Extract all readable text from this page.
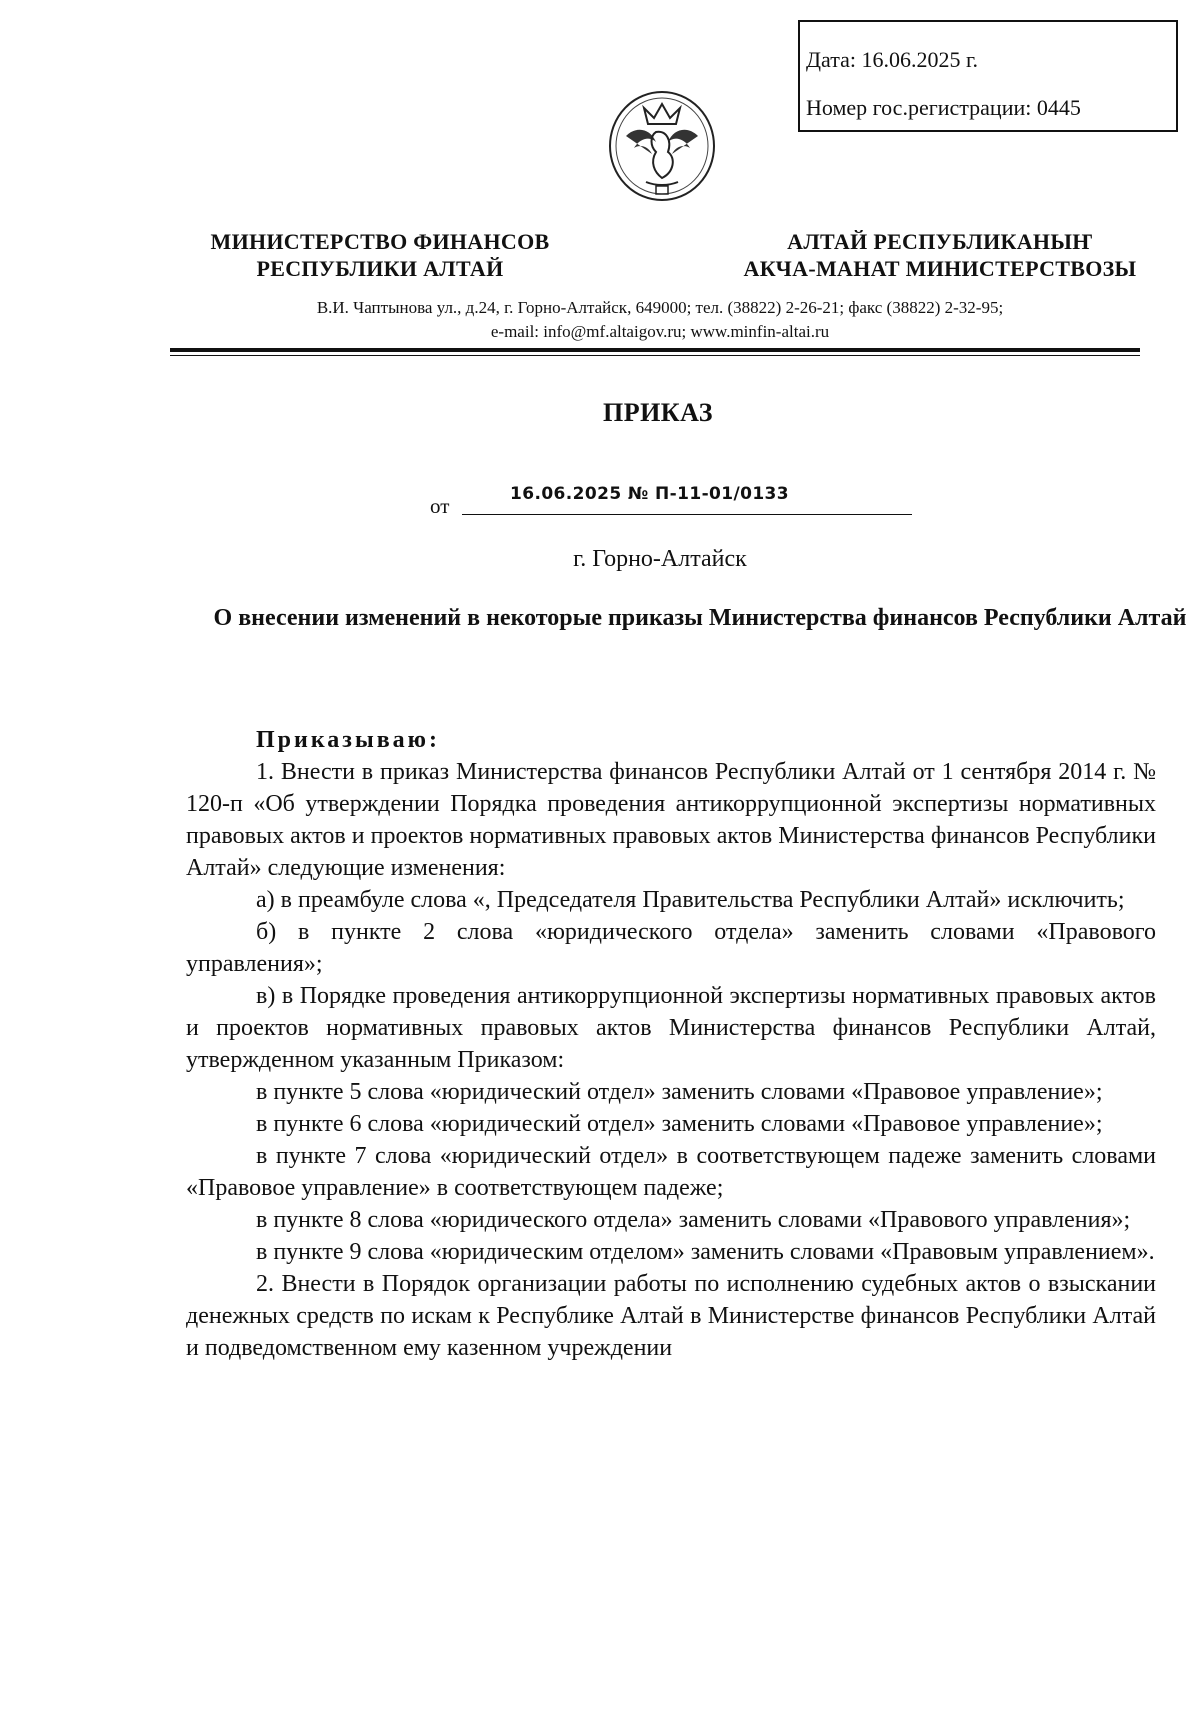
Дата: 16.06.2025 г.
Номер гос.регистрации: 0445
МИНИСТЕРСТВО ФИНАНСОВ
РЕСПУБЛИКИ АЛТАЙ
АЛТАЙ РЕСПУБЛИКАНЫҤ
АКЧА-МАНАТ МИНИСТЕРСТВОЗЫ
В.И. Чаптынова ул., д.24, г. Горно-Алтайск, 649000; тел. (38822) 2-26-21; факс (38822) 2-32-95;
e-mail: info@mf.altaigov.ru; www.minfin-altai.ru
ПРИКАЗ
от	16.06.2025 № П-11-01/0133
г. Горно-Алтайск
О внесении изменений в некоторые приказы Министерства финансов Республики Алтай

Приказываю:

1. Внести в приказ Министерства финансов Республики Алтай от 1 сентября 2014 г. № 120-п «Об утверждении Порядка проведения антикоррупционной экспертизы нормативных правовых актов и проектов нормативных правовых актов Министерства финансов Республики Алтай» следующие изменения:

а) в преамбуле слова «, Председателя Правительства Республики Алтай» исключить;

б) в пункте 2 слова «юридического отдела» заменить словами «Правового управления»;

в) в Порядке проведения антикоррупционной экспертизы нормативных правовых актов и проектов нормативных правовых актов Министерства финансов Республики Алтай, утвержденном указанным Приказом:

в пункте 5 слова «юридический отдел» заменить словами «Правовое управление»;

в пункте 6 слова «юридический отдел» заменить словами «Правовое управление»;

в пункте 7 слова «юридический отдел» в соответствующем падеже заменить словами «Правовое управление» в соответствующем падеже;

в пункте 8 слова «юридического отдела» заменить словами «Правового управления»;

в пункте 9 слова «юридическим отделом» заменить словами «Правовым управлением».

2. Внести в Порядок организации работы по исполнению судебных актов о взыскании денежных средств по искам к Республике Алтай в Министерстве финансов Республики Алтай и подведомственном ему казенном учреждении
